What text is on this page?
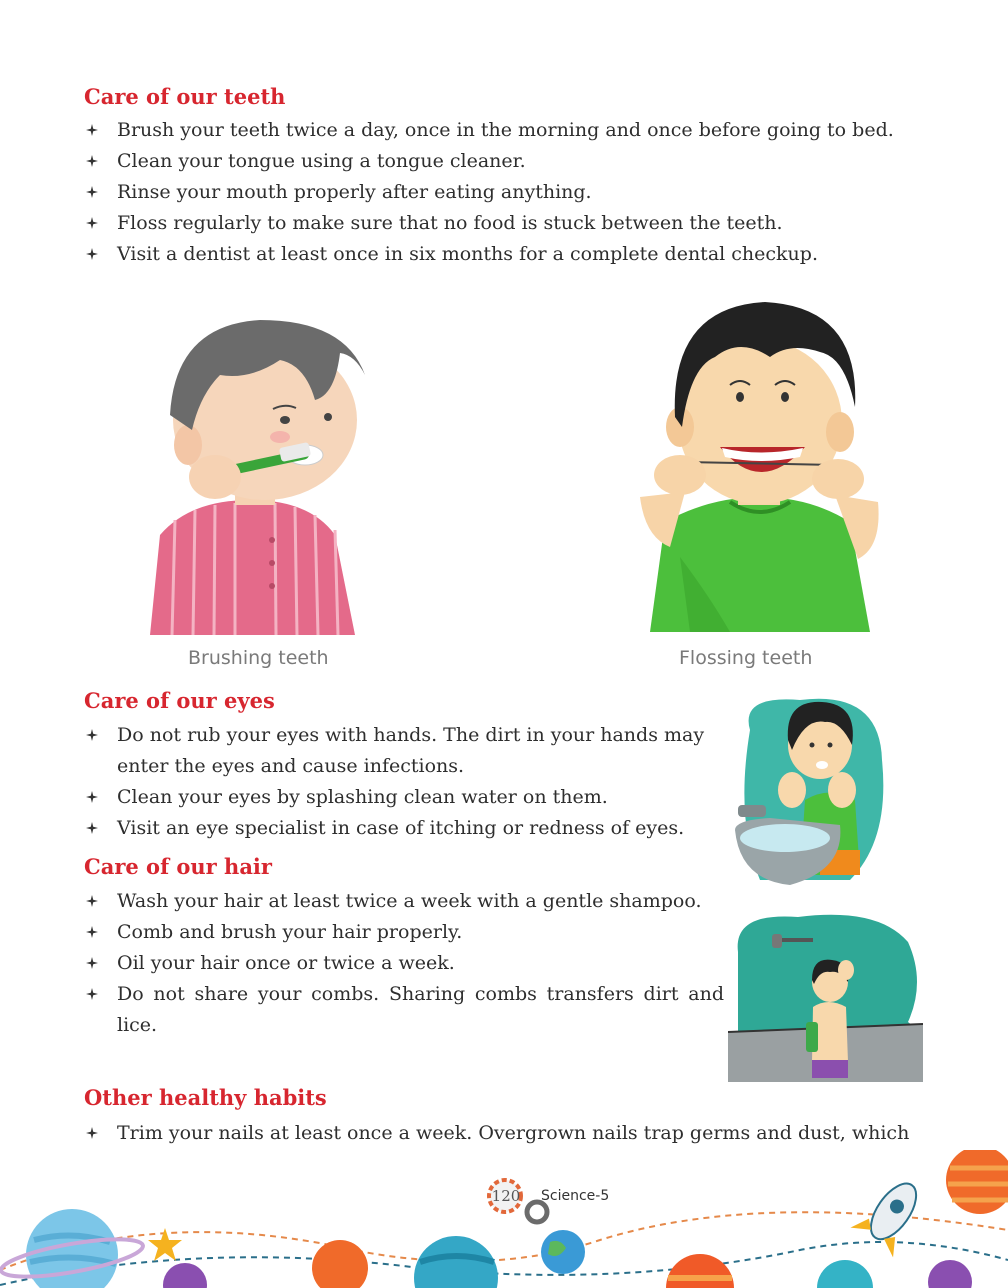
Care of our teeth
Brush your teeth twice a day, once in the morning and once before going to bed.
Clean your tongue using a tongue cleaner.
Rinse your mouth properly after eating anything.
Floss regularly to make sure that no food is stuck between the teeth.
Visit a dentist at least once in six months for a complete dental checkup.
Brushing teeth	Flossing teeth
Care of our eyes
Do not rub your eyes with hands. The dirt in your hands may enter the eyes and cause infections.
Clean your eyes by splashing clean water on them.
Visit an eye specialist in case of itching or redness of eyes.
Care of our hair
Wash your hair at least twice a week with a gentle shampoo.
Comb and brush your hair properly.
Oil your hair once or twice a week.
Do not share your combs. Sharing combs transfers dirt and lice.
Other healthy habits
Trim your nails at least once a week. Overgrown nails trap germs and dust, which
120 Science-5
